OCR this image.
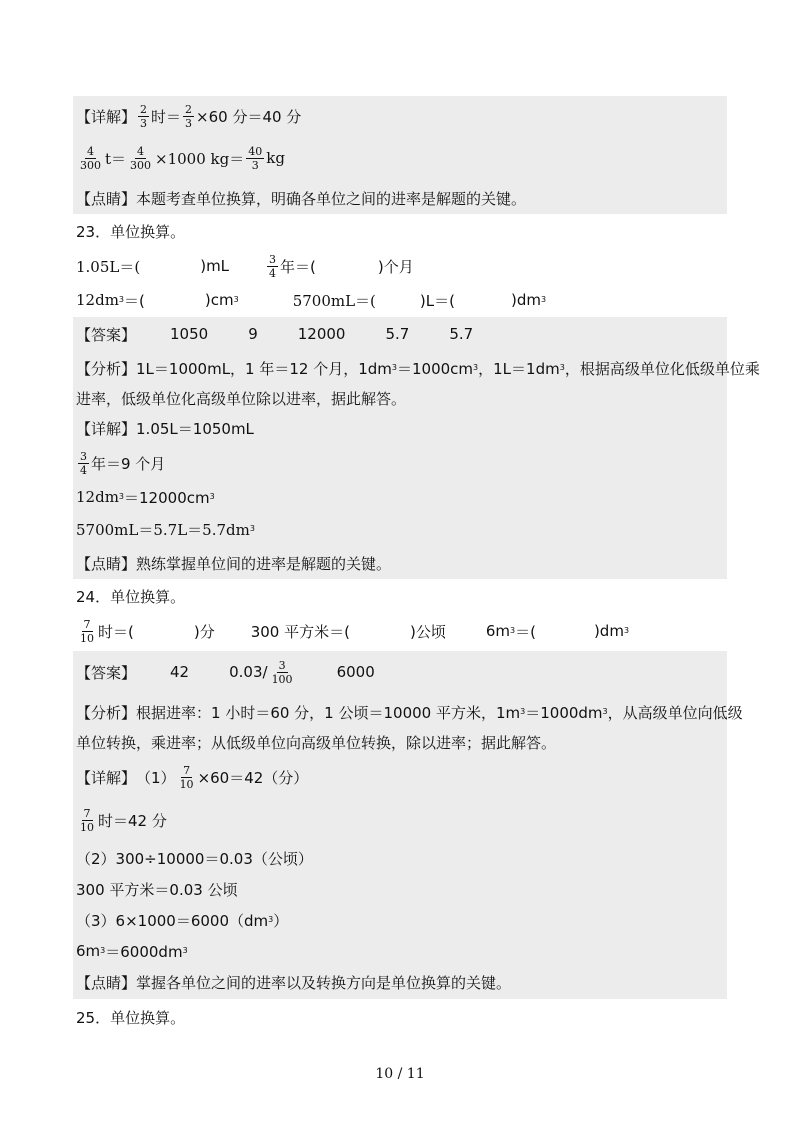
【详解】 $\frac{2}{3}$ 时＝ $\frac{2}{3} \times 60$ 分＝40 分
$\frac{4}{300} t= \frac{4}{300} \times 1000$ $kg= \frac{40}{3}$ kg
【点睛】 本题考查单位换算，明确各单位之间的进率是解题的关键。
23．单位换算。
1.05L＝(	)mL	$\frac{3}{4}$ 年＝(	)个月
12dm 3 ＝(	)cm 3	5700mL＝(	)L＝(	)dm 3
【答案】 1050	9	12000	5.7	5.7
【分析】 1L＝1000mL，1 年＝12 个月，1dm 3 ＝1000cm 3 ，1L＝1dm 3 ，根据高级单位化低级单位乘
进率，低级单位化高级单位除以进率，据此解答。
【详解】 1.05L＝1050mL
$\frac{3}{4}$ 年＝9 个月
12dm 3 ＝12000cm 3
5700mL＝5.7L＝5.7dm 3
【点睛】 熟练掌握单位间的进率是解题的关键。
24．单位换算。
$\frac{7}{10}$ 时＝(	)分 300 平方米＝(	)公顷	6m 3 ＝(	)dm 3
【答案】 42	$0.03/ \frac{3}{100}$	6000
【分析】 根据进率：1 小时＝60 分，1 公顷＝10000 平方米，1m 3 ＝1000dm 3 ，从高级单位向低级
单位转换，乘进率；从低级单位向高级单位转换，除以进率；据此解答。
【详解】 $(1) \frac{7}{10} \times 60=42$（分）
$\frac{7}{10}$ 时＝42 分
（2）300÷10000＝0.03（公顷）
300 平方米＝0.03 公顷
（3）6×1000＝6000（dm 3 ）
6m 3 ＝6000dm 3
【点睛】 掌握各单位之间的进率以及转换方向是单位换算的关键。
25．单位换算。
10 / 11
